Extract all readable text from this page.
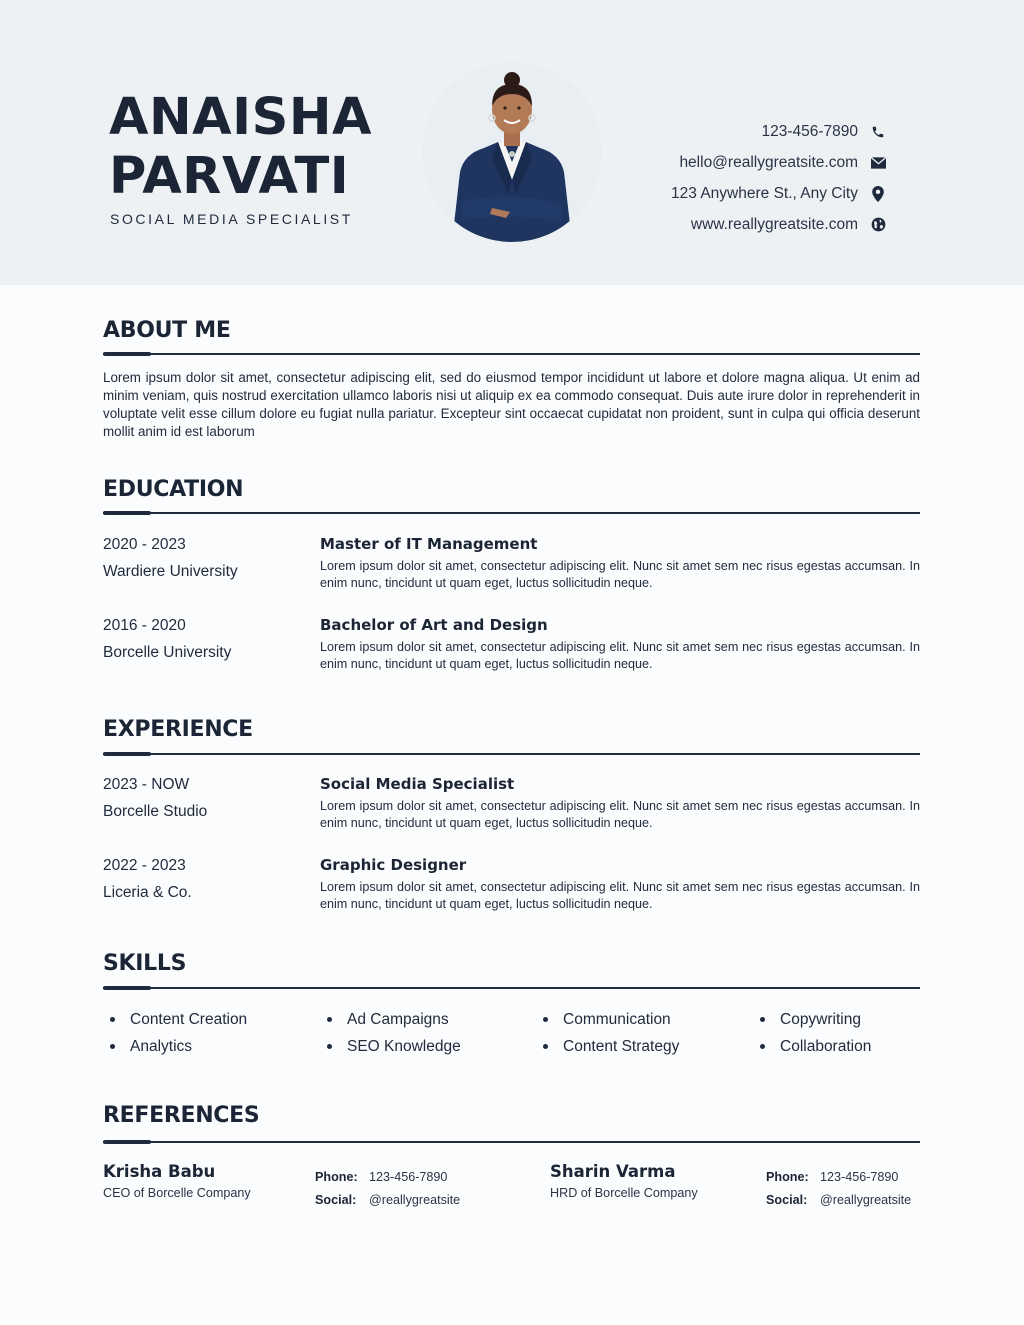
ANAISHA
PARVATI
SOCIAL MEDIA SPECIALIST
123-456-7890
hello@reallygreatsite.com
123 Anywhere St., Any City
www.reallygreatsite.com
ABOUT ME
Lorem ipsum dolor sit amet, consectetur adipiscing elit, sed do eiusmod tempor incididunt ut labore et dolore magna aliqua. Ut enim ad minim veniam, quis nostrud exercitation ullamco laboris nisi ut aliquip ex ea commodo consequat. Duis aute irure dolor in reprehenderit in voluptate velit esse cillum dolore eu fugiat nulla pariatur. Excepteur sint occaecat cupidatat non proident, sunt in culpa qui officia deserunt mollit anim id est laborum
EDUCATION
2020 - 2023
Wardiere University
Master of IT Management
Lorem ipsum dolor sit amet, consectetur adipiscing elit. Nunc sit amet sem nec risus egestas accumsan. In enim nunc, tincidunt ut quam eget, luctus sollicitudin neque.
2016 - 2020
Borcelle University
Bachelor of Art and Design
Lorem ipsum dolor sit amet, consectetur adipiscing elit. Nunc sit amet sem nec risus egestas accumsan. In enim nunc, tincidunt ut quam eget, luctus sollicitudin neque.
EXPERIENCE
2023 - NOW
Borcelle Studio
Social Media Specialist
Lorem ipsum dolor sit amet, consectetur adipiscing elit. Nunc sit amet sem nec risus egestas accumsan. In enim nunc, tincidunt ut quam eget, luctus sollicitudin neque.
2022 - 2023
Liceria & Co.
Graphic Designer
Lorem ipsum dolor sit amet, consectetur adipiscing elit. Nunc sit amet sem nec risus egestas accumsan. In enim nunc, tincidunt ut quam eget, luctus sollicitudin neque.
SKILLS
Content Creation
Analytics
Ad Campaigns
SEO Knowledge
Communication
Content Strategy
Copywriting
Collaboration
REFERENCES
Krisha Babu
CEO of Borcelle Company
Phone: 123-456-7890
Social:	@reallygreatsite
Sharin Varma
HRD of Borcelle Company
Phone: 123-456-7890
Social:	@reallygreatsite
